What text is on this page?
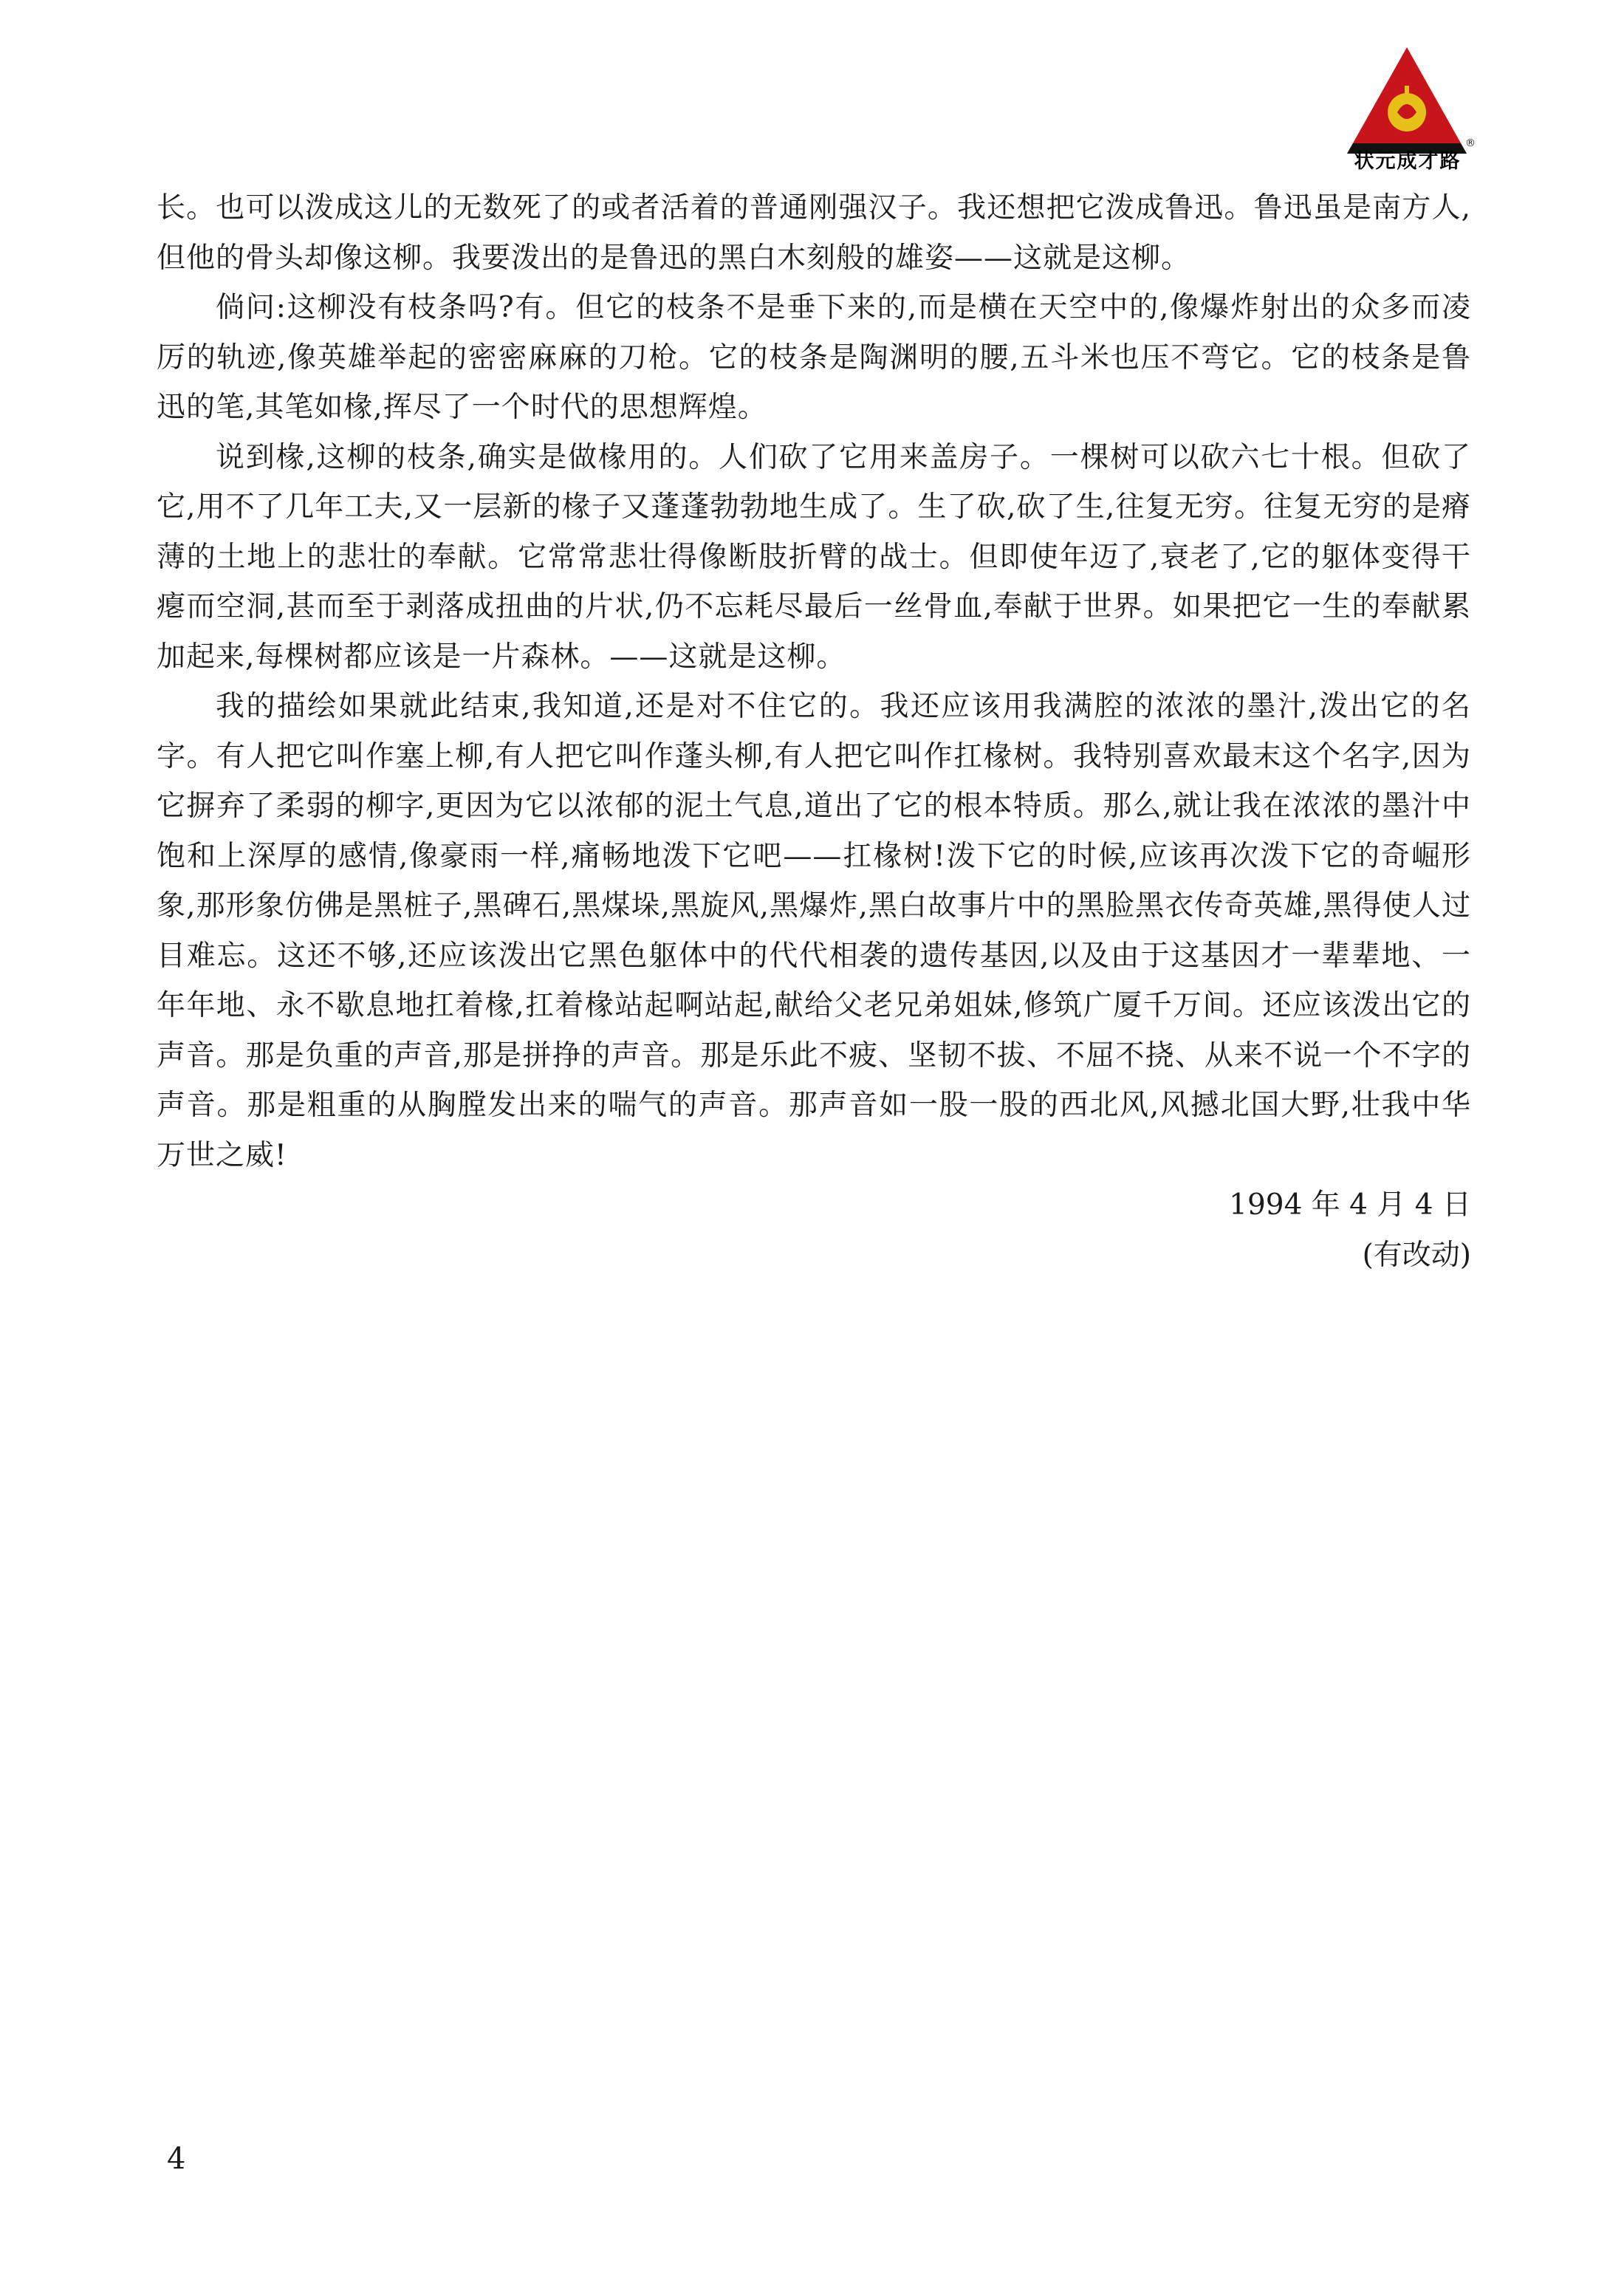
状元成才路
®

长。也可以泼成这儿的无数死了的或者活着的普通刚强汉子。我还想把它泼成鲁迅。鲁迅虽是南方人,但他的骨头却像这柳。我要泼出的是鲁迅的黑白木刻般的雄姿——这就是这柳。

倘问:这柳没有枝条吗?有。但它的枝条不是垂下来的,而是横在天空中的,像爆炸射出的众多而凌厉的轨迹,像英雄举起的密密麻麻的刀枪。它的枝条是陶渊明的腰,五斗米也压不弯它。它的枝条是鲁迅的笔,其笔如椽,挥尽了一个时代的思想辉煌。

说到椽,这柳的枝条,确实是做椽用的。人们砍了它用来盖房子。一棵树可以砍六七十根。但砍了它,用不了几年工夫,又一层新的椽子又蓬蓬勃勃地生成了。生了砍,砍了生,往复无穷。往复无穷的是瘠薄的土地上的悲壮的奉献。它常常悲壮得像断肢折臂的战士。但即使年迈了,衰老了,它的躯体变得干瘪而空洞,甚而至于剥落成扭曲的片状,仍不忘耗尽最后一丝骨血,奉献于世界。如果把它一生的奉献累加起来,每棵树都应该是一片森林。——这就是这柳。

我的描绘如果就此结束,我知道,还是对不住它的。我还应该用我满腔的浓浓的墨汁,泼出它的名字。有人把它叫作塞上柳,有人把它叫作蓬头柳,有人把它叫作扛椽树。我特别喜欢最末这个名字,因为它摒弃了柔弱的柳字,更因为它以浓郁的泥土气息,道出了它的根本特质。那么,就让我在浓浓的墨汁中饱和上深厚的感情,像豪雨一样,痛畅地泼下它吧——扛椽树!泼下它的时候,应该再次泼下它的奇崛形象,那形象仿佛是黑桩子,黑碑石,黑煤垛,黑旋风,黑爆炸,黑白故事片中的黑脸黑衣传奇英雄,黑得使人过目难忘。这还不够,还应该泼出它黑色躯体中的代代相袭的遗传基因,以及由于这基因才一辈辈地、一年年地、永不歇息地扛着椽,扛着椽站起啊站起,献给父老兄弟姐妹,修筑广厦千万间。还应该泼出它的声音。那是负重的声音,那是拼挣的声音。那是乐此不疲、坚韧不拔、不屈不挠、从来不说一个不字的声音。那是粗重的从胸膛发出来的喘气的声音。那声音如一股一股的西北风,风撼北国大野,壮我中华万世之威!

1994 年 4 月 4 日

(有改动)

4
